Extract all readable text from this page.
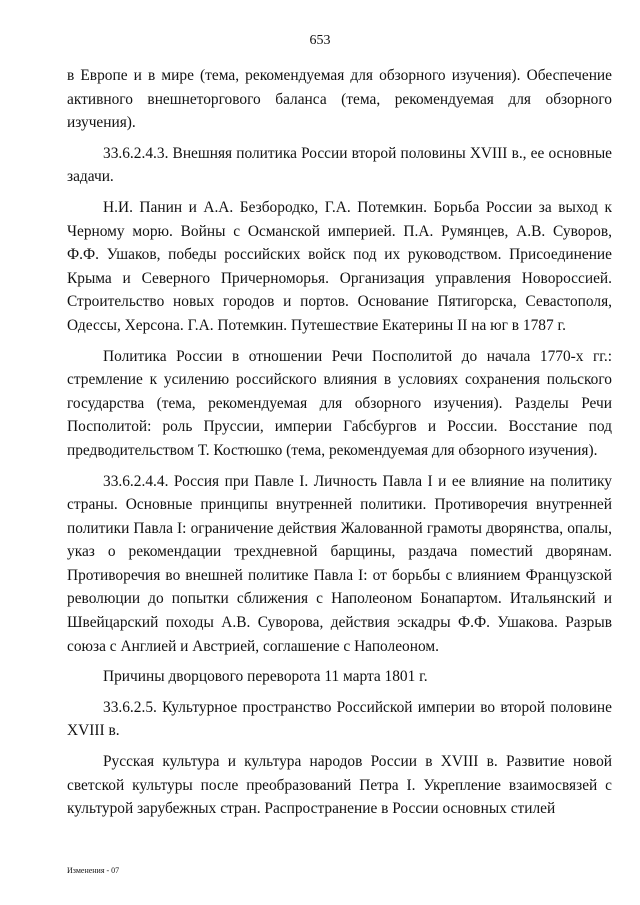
653

в Европе и в мире (тема, рекомендуемая для обзорного изучения). Обеспечение активного внешнеторгового баланса (тема, рекомендуемая для обзорного изучения).

33.6.2.4.3. Внешняя политика России второй половины XVIII в., ее основные задачи.

Н.И. Панин и А.А. Безбородко, Г.А. Потемкин. Борьба России за выход к Черному морю. Войны с Османской империей. П.А. Румянцев, А.В. Суворов, Ф.Ф. Ушаков, победы российских войск под их руководством. Присоединение Крыма и Северного Причерноморья. Организация управления Новороссией. Строительство новых городов и портов. Основание Пятигорска, Севастополя, Одессы, Херсона. Г.А. Потемкин. Путешествие Екатерины II на юг в 1787 г.

Политика России в отношении Речи Посполитой до начала 1770-х гг.: стремление к усилению российского влияния в условиях сохранения польского государства (тема, рекомендуемая для обзорного изучения). Разделы Речи Посполитой: роль Пруссии, империи Габсбургов и России. Восстание под предводительством Т. Костюшко (тема, рекомендуемая для обзорного изучения).

33.6.2.4.4. Россия при Павле I. Личность Павла I и ее влияние на политику страны. Основные принципы внутренней политики. Противоречия внутренней политики Павла I: ограничение действия Жалованной грамоты дворянства, опалы, указ о рекомендации трехдневной барщины, раздача поместий дворянам. Противоречия во внешней политике Павла I: от борьбы с влиянием Французской революции до попытки сближения с Наполеоном Бонапартом. Итальянский и Швейцарский походы А.В. Суворова, действия эскадры Ф.Ф. Ушакова. Разрыв союза с Англией и Австрией, соглашение с Наполеоном.

Причины дворцового переворота 11 марта 1801 г.

33.6.2.5. Культурное пространство Российской империи во второй половине XVIII в.

Русская культура и культура народов России в XVIII в. Развитие новой светской культуры после преобразований Петра I. Укрепление взаимосвязей с культурой зарубежных стран. Распространение в России основных стилей

Изменения - 07
